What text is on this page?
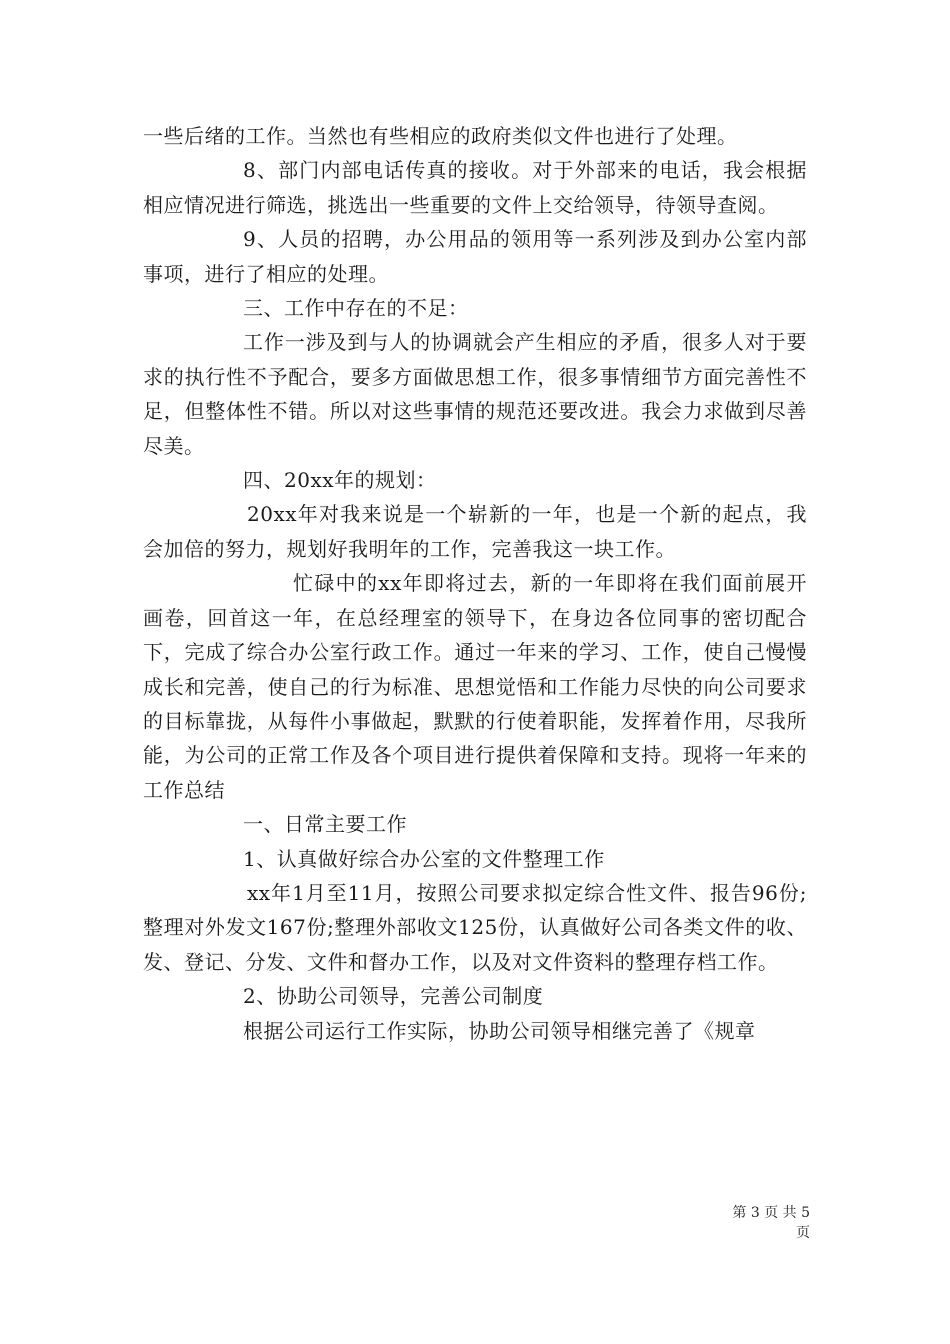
一些后绪的工作。当然也有些相应的政府类似文件也进行了处理。

8、部门内部电话传真的接收。对于外部来的电话，我会根据相应情况进行筛选，挑选出一些重要的文件上交给领导，待领导查阅。

9、人员的招聘，办公用品的领用等一系列涉及到办公室内部事项，进行了相应的处理。

三、工作中存在的不足：

工作一涉及到与人的协调就会产生相应的矛盾，很多人对于要求的执行性不予配合，要多方面做思想工作，很多事情细节方面完善性不足，但整体性不错。所以对这些事情的规范还要改进。我会力求做到尽善尽美。

四、20xx年的规划：

20xx年对我来说是一个崭新的一年，也是一个新的起点，我会加倍的努力，规划好我明年的工作，完善我这一块工作。

忙碌中的xx年即将过去，新的一年即将在我们面前展开画卷，回首这一年，在总经理室的领导下，在身边各位同事的密切配合下，完成了综合办公室行政工作。通过一年来的学习、工作，使自己慢慢成长和完善，使自己的行为标准、思想觉悟和工作能力尽快的向公司要求的目标靠拢，从每件小事做起，默默的行使着职能，发挥着作用，尽我所能，为公司的正常工作及各个项目进行提供着保障和支持。现将一年来的工作总结

一、日常主要工作

1、认真做好综合办公室的文件整理工作

xx年1月至11月，按照公司要求拟定综合性文件、报告96份;整理对外发文167份;整理外部收文125份，认真做好公司各类文件的收、发、登记、分发、文件和督办工作，以及对文件资料的整理存档工作。

2、协助公司领导，完善公司制度

根据公司运行工作实际，协助公司领导相继完善了《规章

第 3 页 共 5 页
